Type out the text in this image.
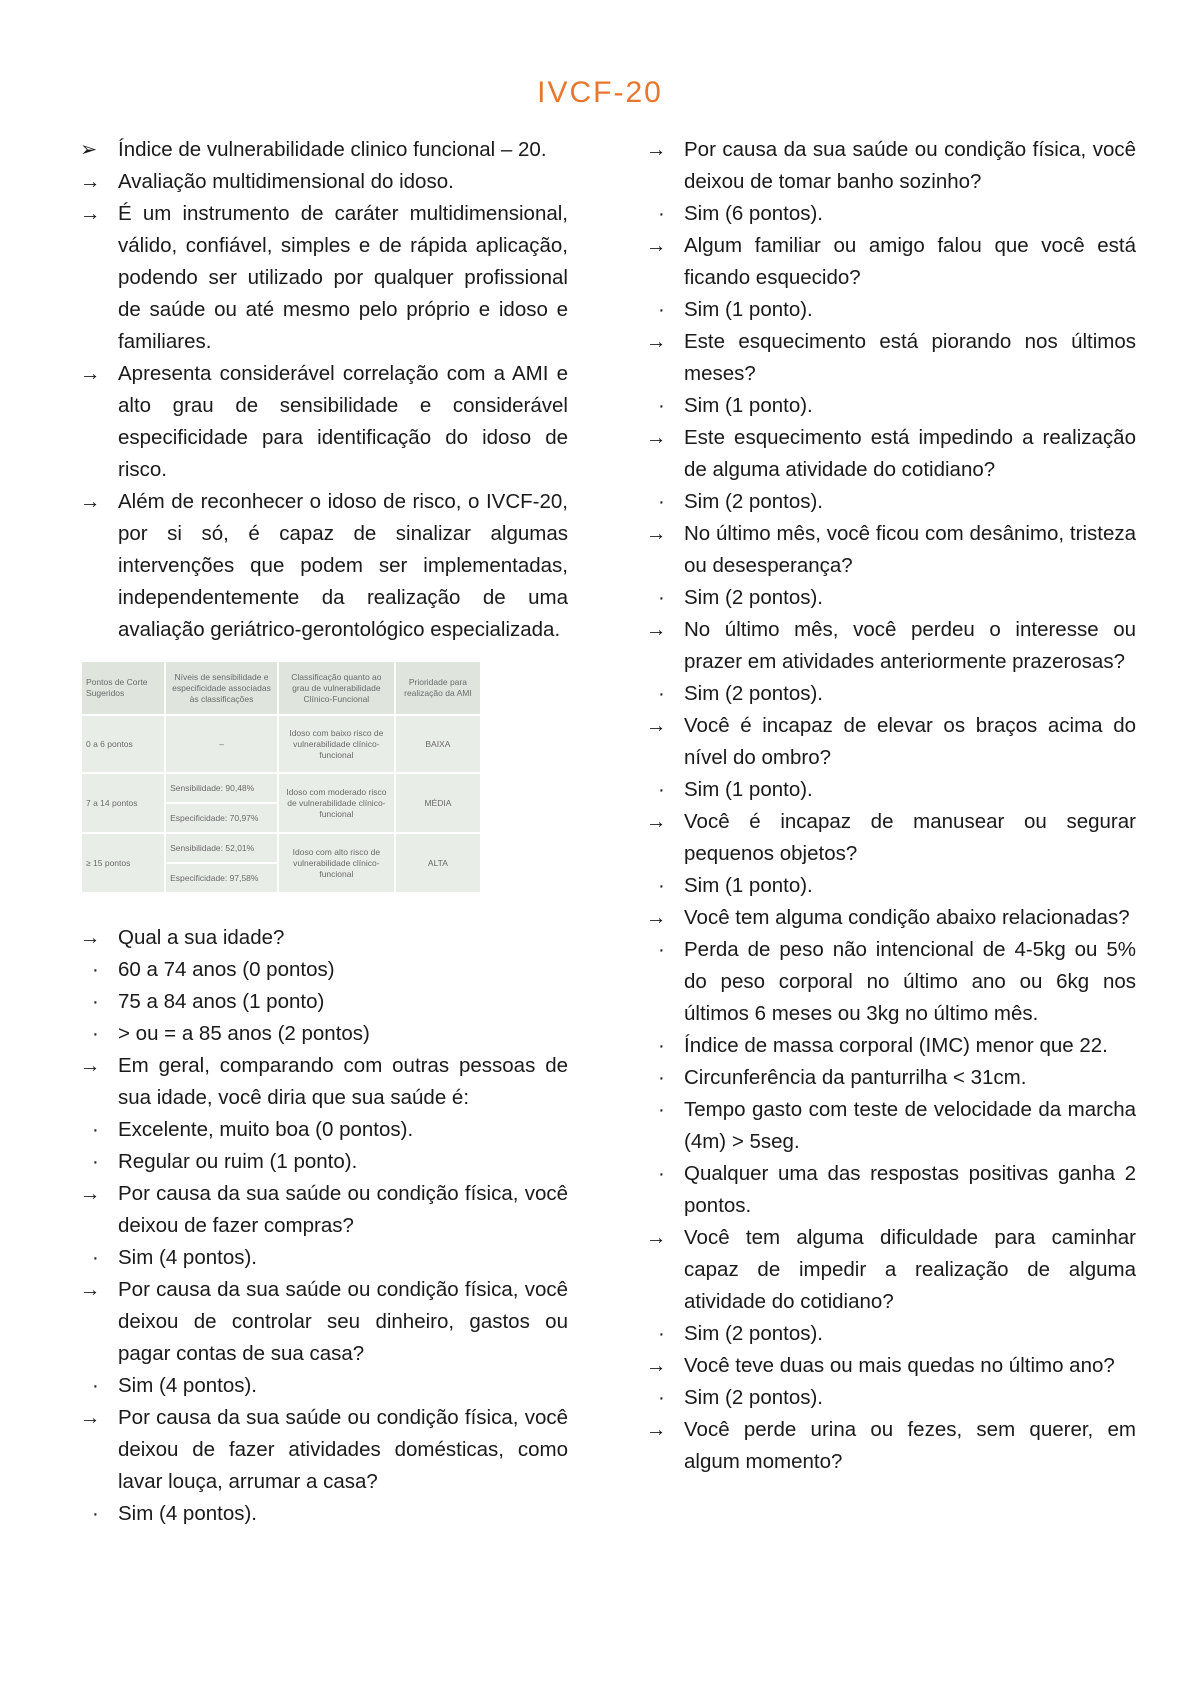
IVCF-20
➢	Índice de vulnerabilidade clinico funcional – 20.
→ Avaliação multidimensional do idoso.
→ É um instrumento de caráter multidimensional, válido, confiável, simples e de rápida aplicação, podendo ser utilizado por qualquer profissional de saúde ou até mesmo pelo próprio e idoso e familiares.
→ Apresenta considerável correlação com a AMI e alto grau de sensibilidade e considerável especificidade para identificação do idoso de risco.
→ Além de reconhecer o idoso de risco, o IVCF-20, por si só, é capaz de sinalizar algumas intervenções que podem ser implementadas, independentemente da realização de uma avaliação geriátrico-gerontológico especializada.
Pontos de Corte Sugeridos	Níveis de sensibilidade e especificidade associadas às classificações	Classificação quanto ao grau de vulnerabilidade Clínico-Funcional	Prioridade para realização da AMI
0 a 6 pontos	–	Idoso com baixo risco de vulnerabilidade clínico-funcional	BAIXA
7 a 14 pontos	Sensibilidade: 90,48%	Idoso com moderado risco de vulnerabilidade clínico-funcional	MÉDIA
	Especificidade: 70,97%		
≥ 15 pontos	Sensibilidade: 52,01%	Idoso com alto risco de vulnerabilidade clínico-funcional	ALTA
	Especificidade: 97,58%		
→ Qual a sua idade?
· 60 a 74 anos (0 pontos)
· 75 a 84 anos (1 ponto)
· > ou = a 85 anos (2 pontos)
→ Em geral, comparando com outras pessoas de sua idade, você diria que sua saúde é:
· Excelente, muito boa (0 pontos).
· Regular ou ruim (1 ponto).
→ Por causa da sua saúde ou condição física, você deixou de fazer compras?
· Sim (4 pontos).
→ Por causa da sua saúde ou condição física, você deixou de controlar seu dinheiro, gastos ou pagar contas de sua casa?
· Sim (4 pontos).
→ Por causa da sua saúde ou condição física, você deixou de fazer atividades domésticas, como lavar louça, arrumar a casa?
· Sim (4 pontos).
→ Por causa da sua saúde ou condição física, você deixou de tomar banho sozinho?
· Sim (6 pontos).
→ Algum familiar ou amigo falou que você está ficando esquecido?
· Sim (1 ponto).
→ Este esquecimento está piorando nos últimos meses?
· Sim (1 ponto).
→ Este esquecimento está impedindo a realização de alguma atividade do cotidiano?
· Sim (2 pontos).
→ No último mês, você ficou com desânimo, tristeza ou desesperança?
· Sim (2 pontos).
→ No último mês, você perdeu o interesse ou prazer em atividades anteriormente prazerosas?
· Sim (2 pontos).
→ Você é incapaz de elevar os braços acima do nível do ombro?
· Sim (1 ponto).
→ Você é incapaz de manusear ou segurar pequenos objetos?
· Sim (1 ponto).
→ Você tem alguma condição abaixo relacionadas?
· Perda de peso não intencional de 4-5kg ou 5% do peso corporal no último ano ou 6kg nos últimos 6 meses ou 3kg no último mês.
· Índice de massa corporal (IMC) menor que 22.
· Circunferência da panturrilha < 31cm.
· Tempo gasto com teste de velocidade da marcha (4m) > 5seg.
· Qualquer uma das respostas positivas ganha 2 pontos.
→ Você tem alguma dificuldade para caminhar capaz de impedir a realização de alguma atividade do cotidiano?
· Sim (2 pontos).
→ Você teve duas ou mais quedas no último ano?
· Sim (2 pontos).
→ Você perde urina ou fezes, sem querer, em algum momento?
